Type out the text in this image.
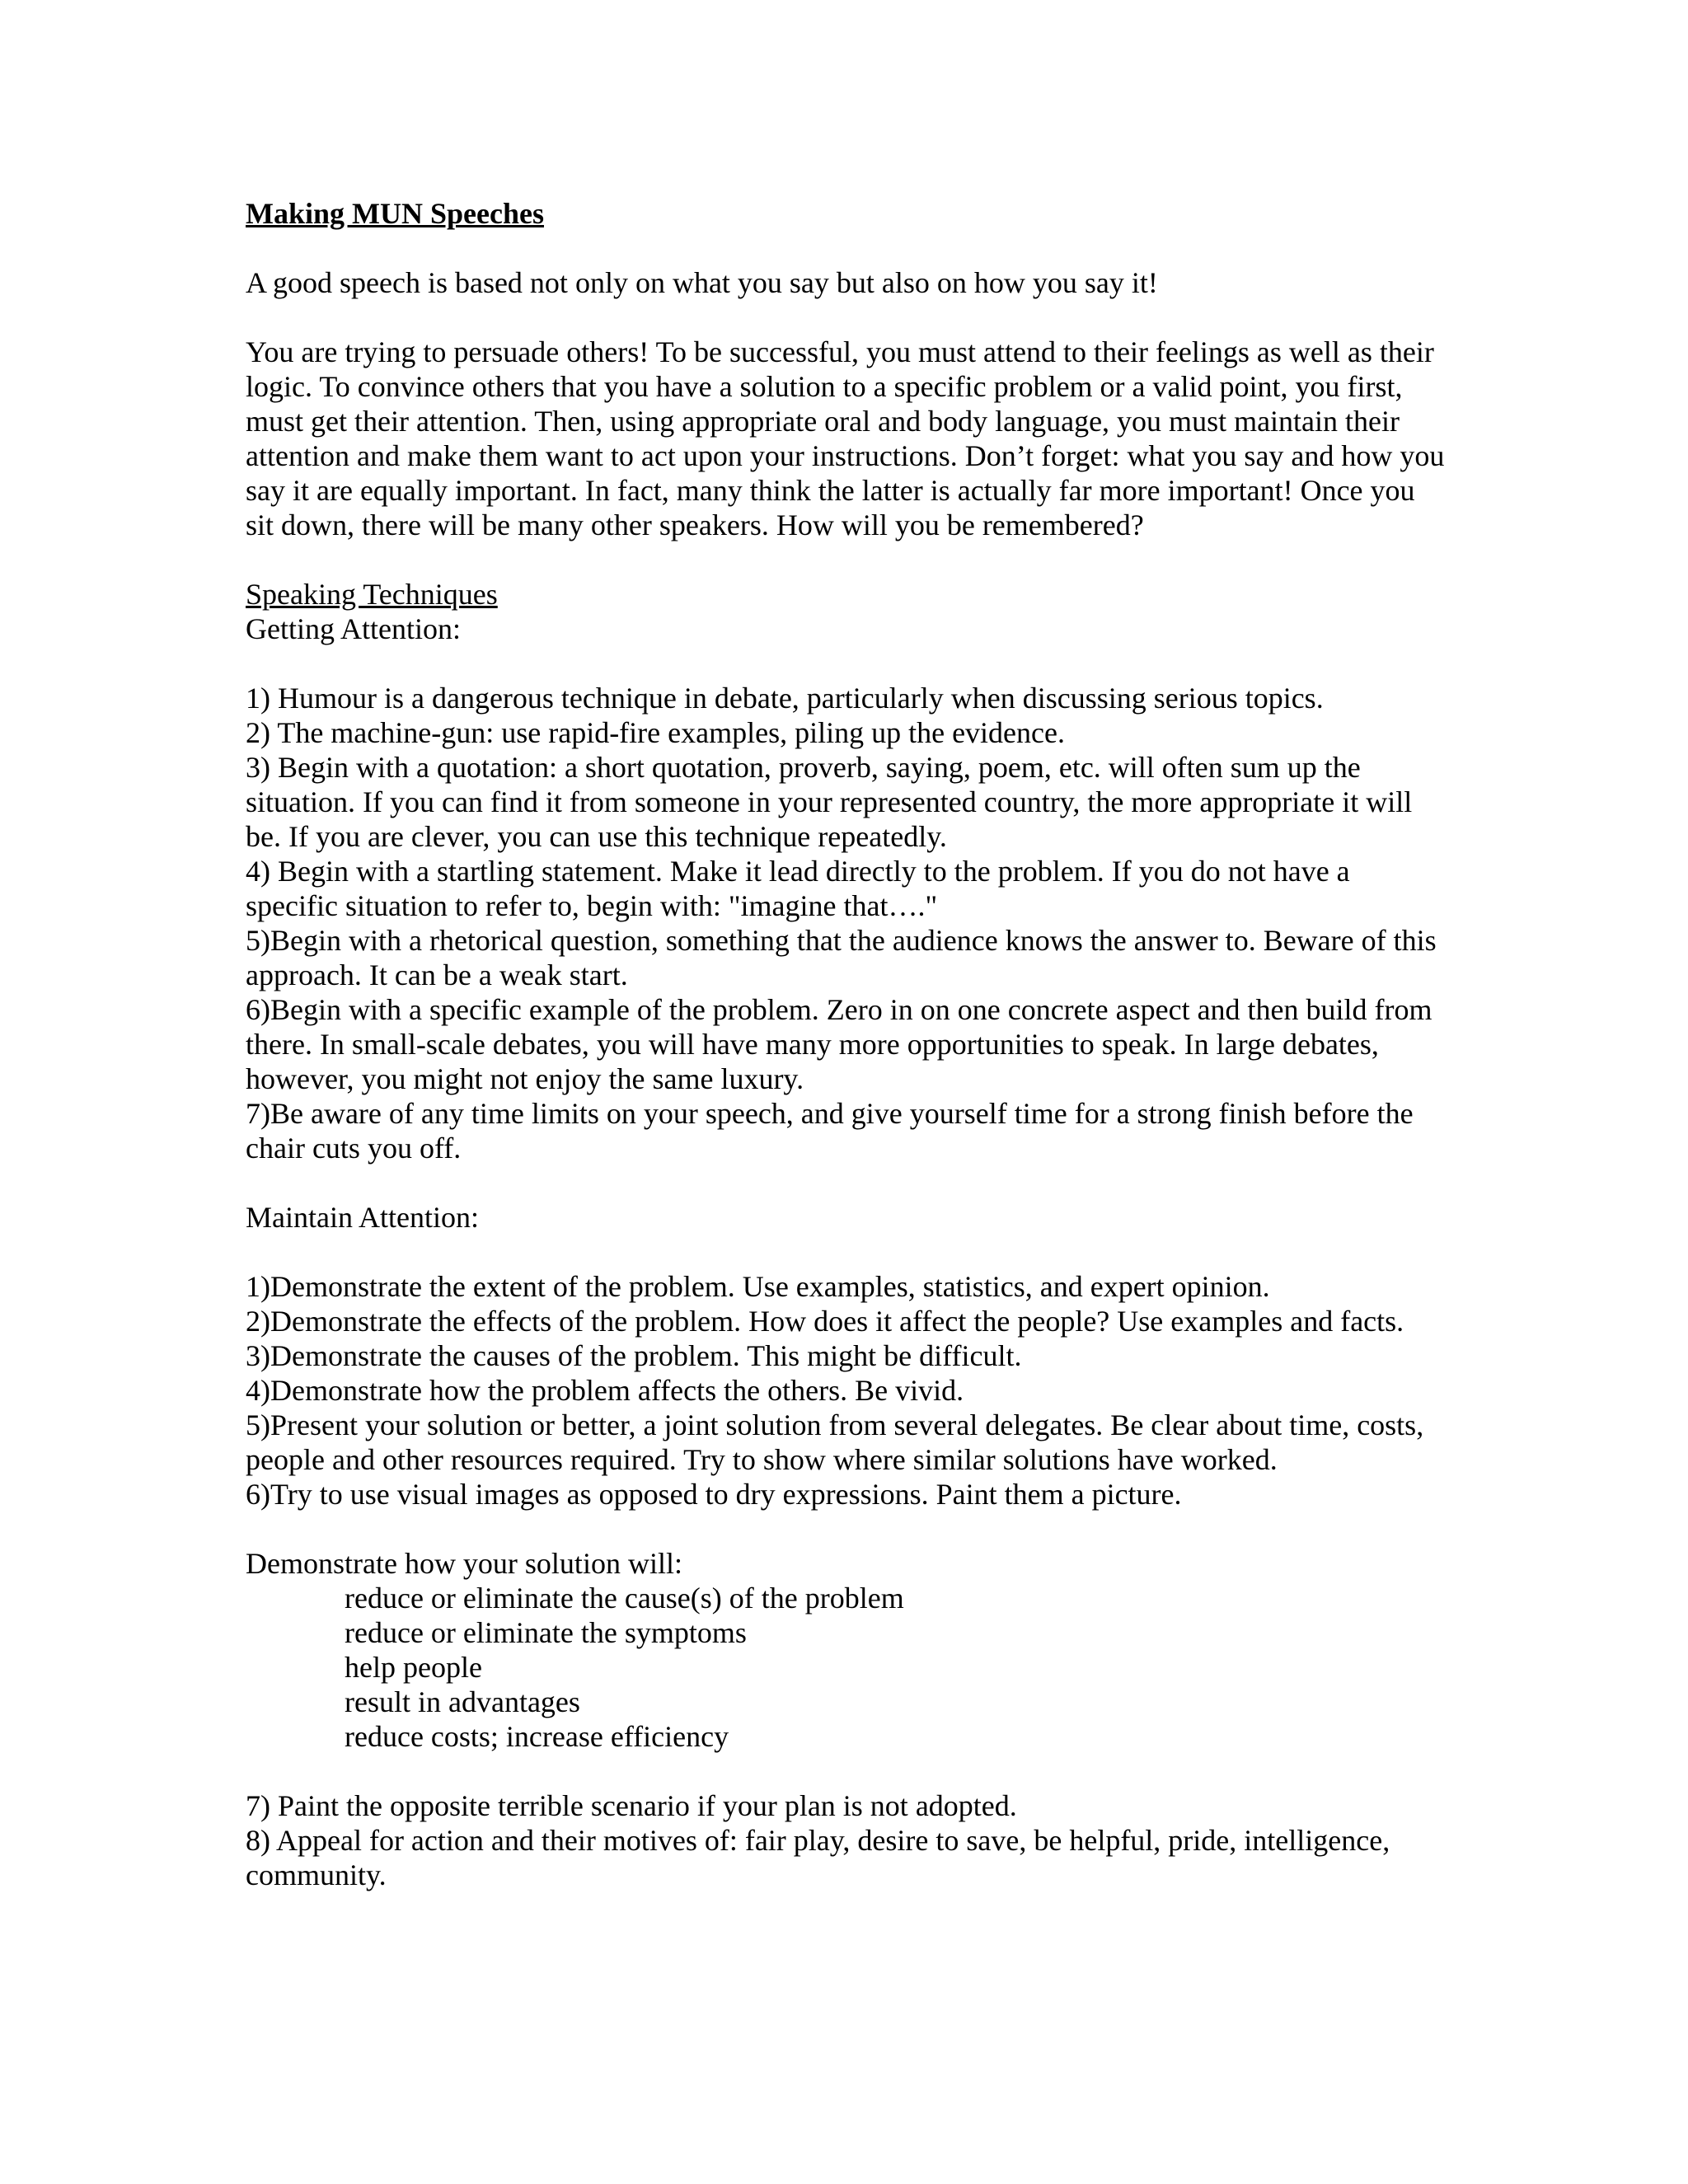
Making MUN Speeches

A good speech is based not only on what you say but also on how you say it!

You are trying to persuade others! To be successful, you must attend to their feelings as well as their logic. To convince others that you have a solution to a specific problem or a valid point, you first, must get their attention. Then, using appropriate oral and body language, you must maintain their attention and make them want to act upon your instructions. Don’t forget: what you say and how you say it are equally important. In fact, many think the latter is actually far more important! Once you sit down, there will be many other speakers. How will you be remembered?

Speaking Techniques

Getting Attention:

1) Humour is a dangerous technique in debate, particularly when discussing serious topics.

2) The machine-gun: use rapid-fire examples, piling up the evidence.

3) Begin with a quotation: a short quotation, proverb, saying, poem, etc. will often sum up the situation. If you can find it from someone in your represented country, the more appropriate it will be. If you are clever, you can use this technique repeatedly.

4) Begin with a startling statement. Make it lead directly to the problem. If you do not have a specific situation to refer to, begin with: "imagine that…."

5)Begin with a rhetorical question, something that the audience knows the answer to. Beware of this approach. It can be a weak start.

6)Begin with a specific example of the problem. Zero in on one concrete aspect and then build from there. In small-scale debates, you will have many more opportunities to speak. In large debates, however, you might not enjoy the same luxury.

7)Be aware of any time limits on your speech, and give yourself time for a strong finish before the chair cuts you off.

Maintain Attention:

1)Demonstrate the extent of the problem. Use examples, statistics, and expert opinion.

2)Demonstrate the effects of the problem. How does it affect the people? Use examples and facts.

3)Demonstrate the causes of the problem. This might be difficult.

4)Demonstrate how the problem affects the others. Be vivid.

5)Present your solution or better, a joint solution from several delegates. Be clear about time, costs, people and other resources required. Try to show where similar solutions have worked.

6)Try to use visual images as opposed to dry expressions. Paint them a picture.

Demonstrate how your solution will:

reduce or eliminate the cause(s) of the problem

reduce or eliminate the symptoms

help people

result in advantages

reduce costs; increase efficiency

7) Paint the opposite terrible scenario if your plan is not adopted.

8) Appeal for action and their motives of: fair play, desire to save, be helpful, pride, intelligence, community.
